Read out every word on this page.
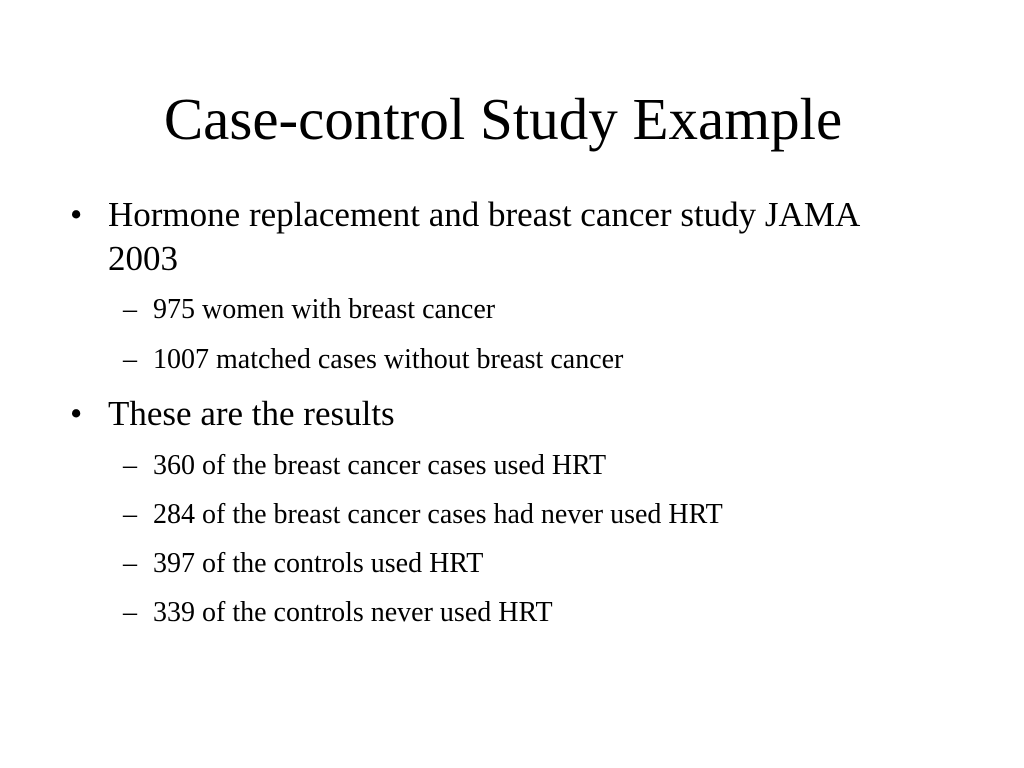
Case-control Study Example
• Hormone replacement and breast cancer study JAMA 2003
– 975 women with breast cancer
– 1007 matched cases without breast cancer
• These are the results
– 360 of the breast cancer cases used HRT
– 284 of the breast cancer cases had never used HRT
– 397 of the controls used HRT
– 339 of the controls never used HRT
